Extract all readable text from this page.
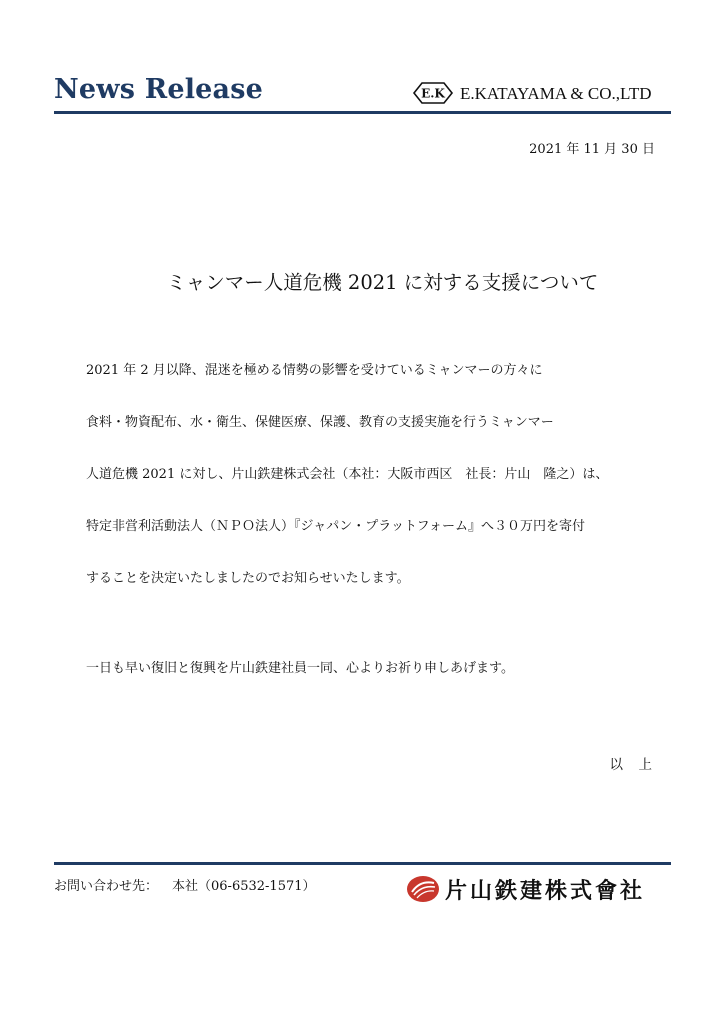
News Release	E.K E.KATAYAMA & CO.,LTD
2021 年 11 月 30 日
ミャンマー人道危機 2021 に対する支援について

2021 年 2 月以降、混迷を極める情勢の影響を受けているミャンマーの方々に
食料・物資配布、水・衛生、保健医療、保護、教育の支援実施を行うミャンマー
人道危機 2021 に対し、片山鉄建株式会社（本社：大阪市西区　社長：片山　隆之）は、
特定非営利活動法人（ＮＰＯ法人）『ジャパン・プラットフォーム』へ３０万円を寄付
することを決定いたしましたのでお知らせいたします。

一日も早い復旧と復興を片山鉄建社員一同、心よりお祈り申しあげます。

以　上
お問い合わせ先： 本社（06-6532-1571）	片山鉄建株式會社
